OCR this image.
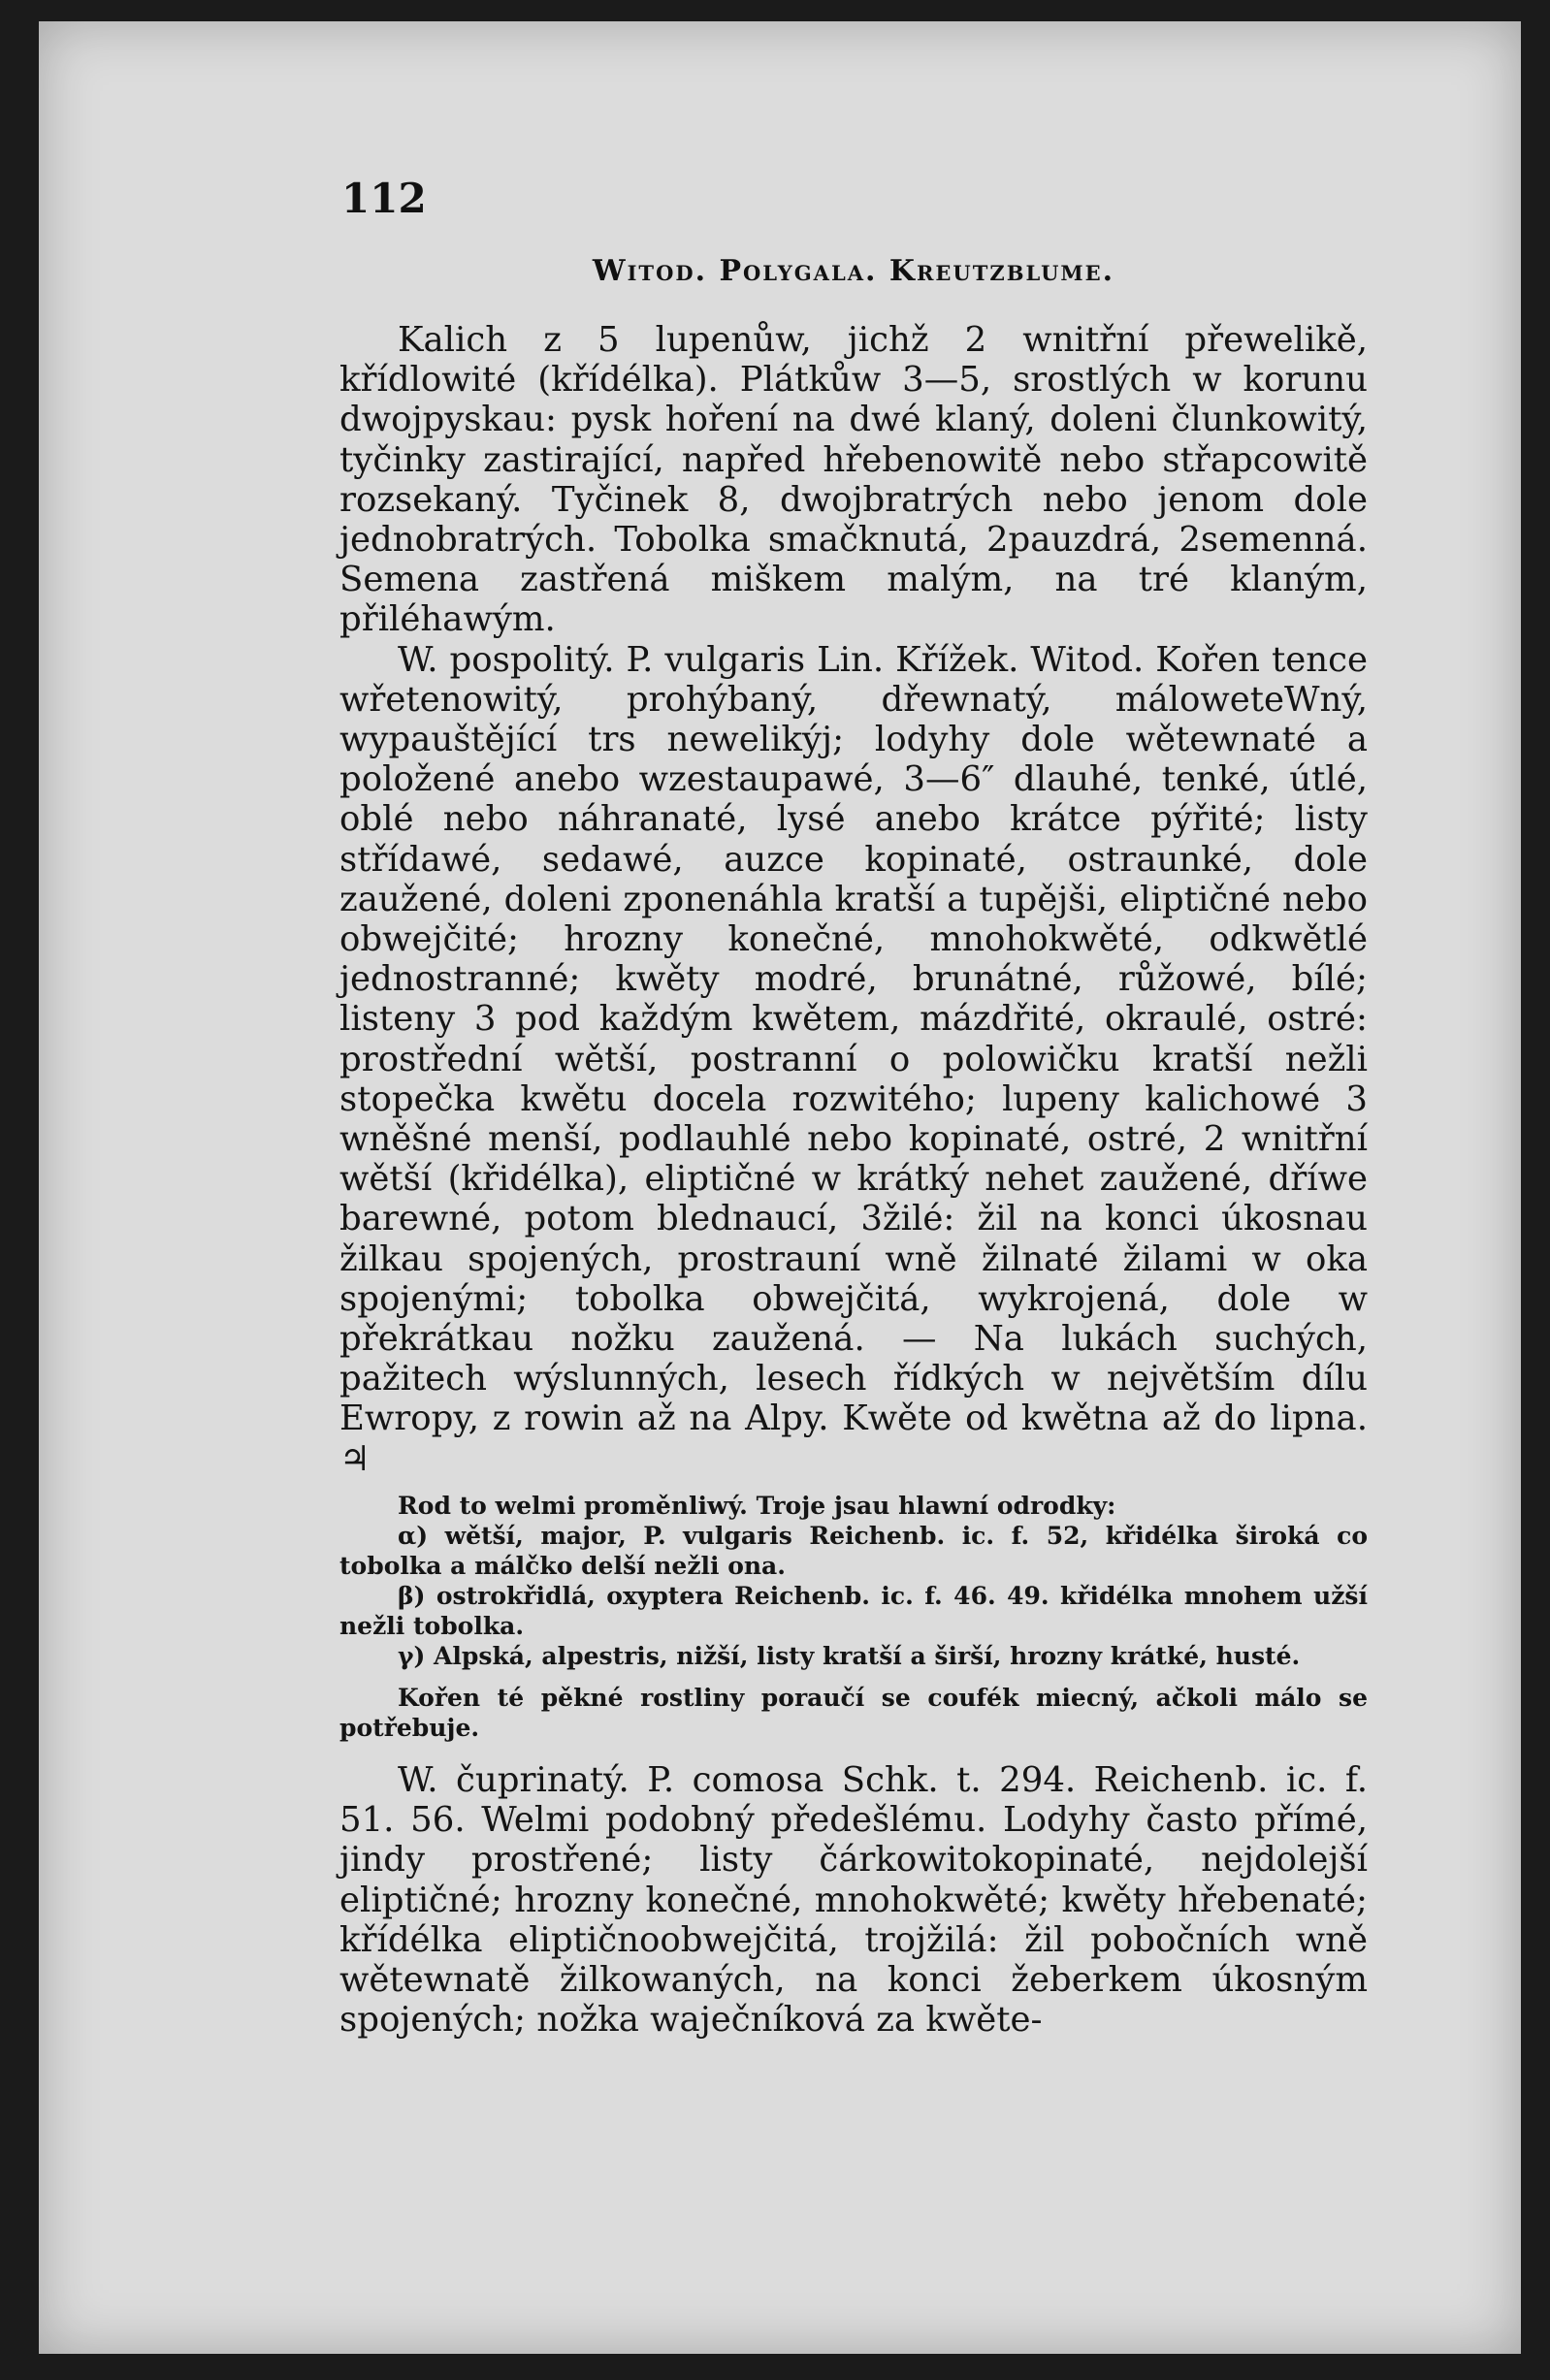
112
Witod. Polygala. Kreutzblume.

Kalich z 5 lupenůw, jichž 2 wnitřní přewelikě, křídlowité (křídélka). Plátkůw 3—5, srostlých w korunu dwojpyskau: pysk hoření na dwé klaný, doleni člunkowitý, tyčinky zastirající, napřed hřebenowitě nebo střapcowitě rozsekaný. Tyčinek 8, dwojbratrých nebo jenom dole jednobratrých. Tobolka smačknutá, 2pauzdrá, 2semenná. Semena zastřená miškem malým, na tré klaným, přiléhawým.

W. pospolitý. P. vulgaris Lin. Křížek. Witod. Kořen tence wřetenowitý, prohýbaný, dřewnatý, máloweteWný, wypauštějící trs newelikýj; lodyhy dole wětewnaté a položené anebo wzestaupawé, 3—6″ dlauhé, tenké, útlé, oblé nebo náhranaté, lysé anebo krátce pýřité; listy střídawé, sedawé, auzce kopinaté, ostraunké, dole zaužené, doleni zponenáhla kratší a tupějši, eliptičné nebo obwejčité; hrozny konečné, mnohokwěté, odkwětlé jednostranné; kwěty modré, brunátné, růžowé, bílé; listeny 3 pod každým kwětem, mázdřité, okraulé, ostré: prostřední wětší, postranní o polowičku kratší nežli stopečka kwětu docela rozwitého; lupeny kalichowé 3 wněšné menší, podlauhlé nebo kopinaté, ostré, 2 wnitřní wětší (křidélka), eliptičné w krátký nehet zaužené, dříwe barewné, potom blednaucí, 3žilé: žil na konci úkosnau žilkau spojených, prostrauní wně žilnaté žilami w oka spojenými; tobolka obwejčitá, wykrojená, dole w překrátkau nožku zaužená. — Na lukách suchých, pažitech wýslunných, lesech řídkých w největším dílu Ewropy, z rowin až na Alpy. Kwěte od kwětna až do lipna. ♃

Rod to welmi proměnliwý. Troje jsau hlawní odrodky:

α) wětší, major, P. vulgaris Reichenb. ic. f. 52, křidélka široká co tobolka a málčko delší nežli ona.

β) ostrokřidlá, oxyptera Reichenb. ic. f. 46. 49. křidélka mnohem užší nežli tobolka.

γ) Alpská, alpestris, nižší, listy kratší a širší, hrozny krátké, husté.

Kořen té pěkné rostliny poraučí se coufék miecný, ačkoli málo se potřebuje.

W. čuprinatý. P. comosa Schk. t. 294. Reichenb. ic. f. 51. 56. Welmi podobný předešlému. Lodyhy často přímé, jindy prostřené; listy čárkowitokopinaté, nejdolejší eliptičné; hrozny konečné, mnohokwěté; kwěty hřebenaté; křídélka eliptičnoobwejčitá, trojžilá: žil pobočních wně wětewnatě žilkowaných, na konci žeberkem úkosným spojených; nožka waječníková za kwěte-
